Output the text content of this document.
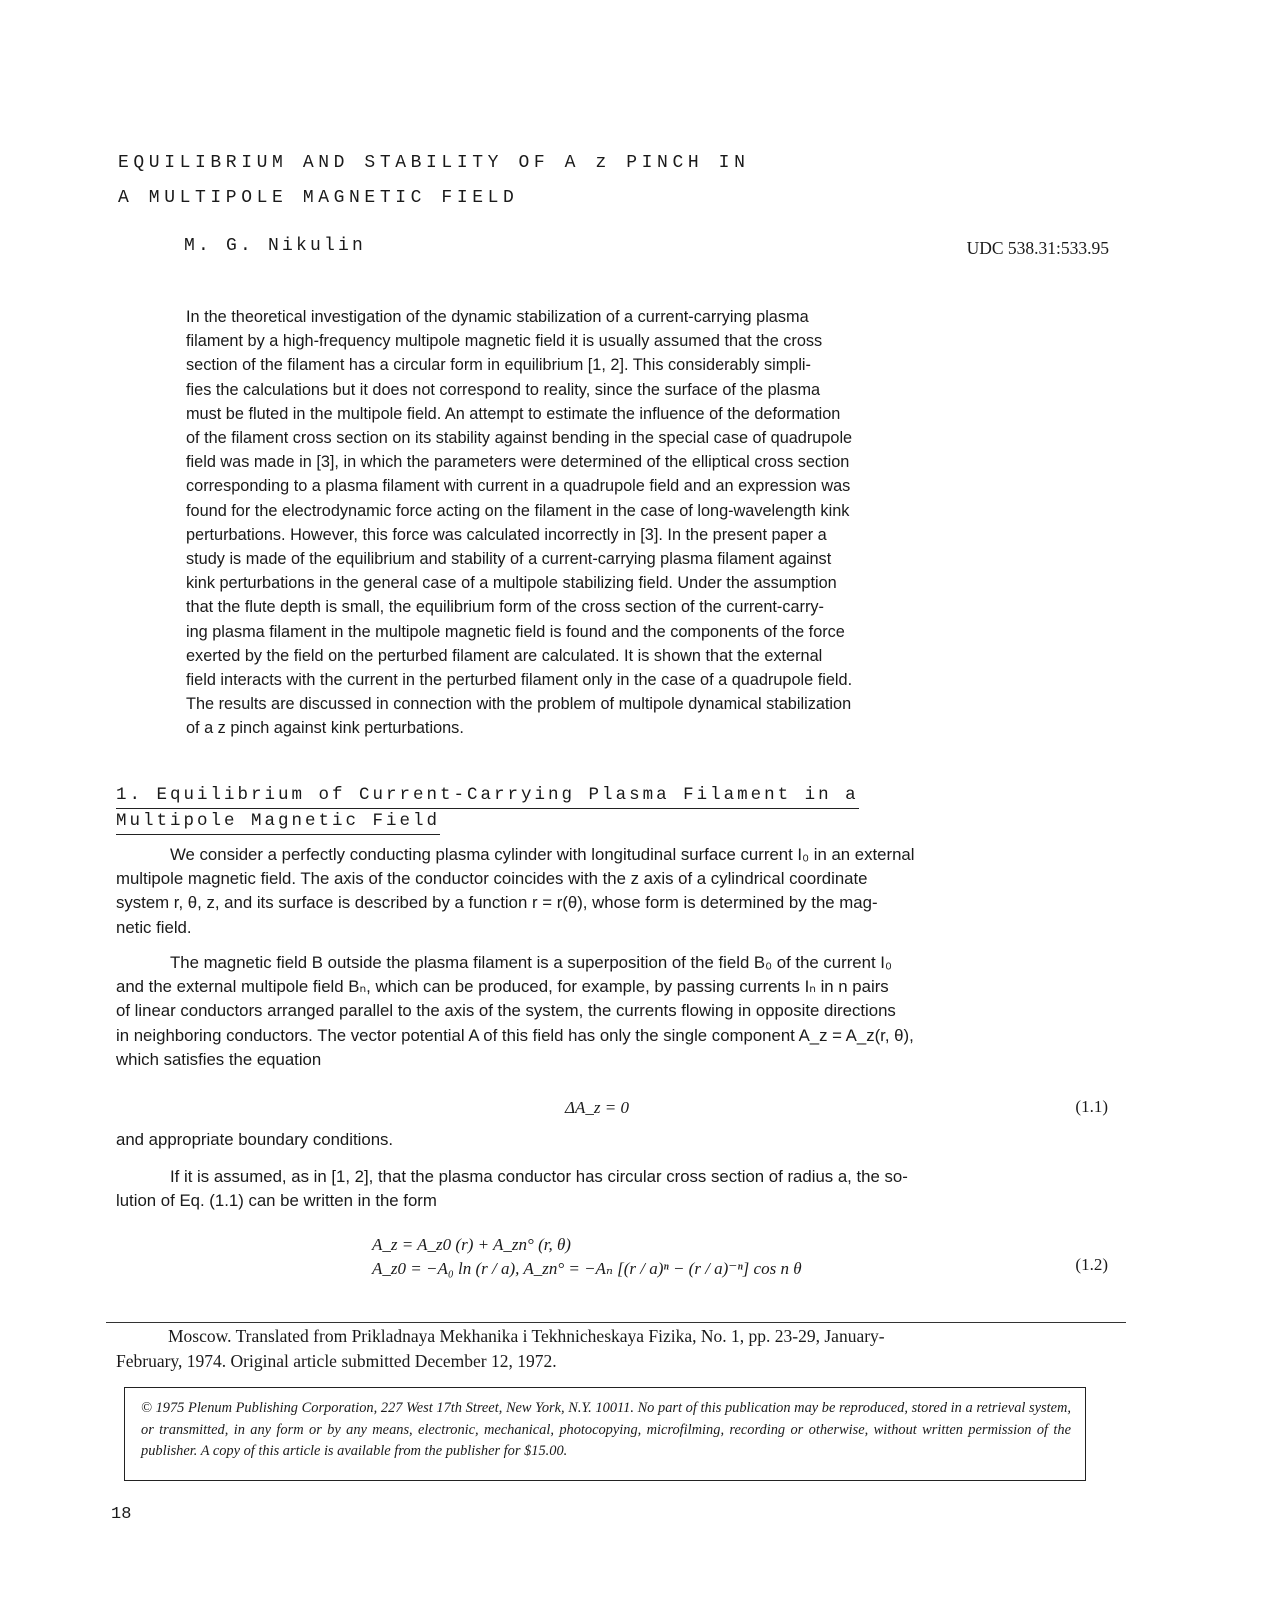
EQUILIBRIUM AND STABILITY OF A z PINCH IN
A MULTIPOLE MAGNETIC FIELD
M. G. Nikulin	UDC 538.31:533.95
In the theoretical investigation of the dynamic stabilization of a current-carrying plasma
filament by a high-frequency multipole magnetic field it is usually assumed that the cross
section of the filament has a circular form in equilibrium [1, 2]. This considerably simpli-
fies the calculations but it does not correspond to reality, since the surface of the plasma
must be fluted in the multipole field. An attempt to estimate the influence of the deformation
of the filament cross section on its stability against bending in the special case of quadrupole
field was made in [3], in which the parameters were determined of the elliptical cross section
corresponding to a plasma filament with current in a quadrupole field and an expression was
found for the electrodynamic force acting on the filament in the case of long-wavelength kink
perturbations. However, this force was calculated incorrectly in [3]. In the present paper a
study is made of the equilibrium and stability of a current-carrying plasma filament against
kink perturbations in the general case of a multipole stabilizing field. Under the assumption
that the flute depth is small, the equilibrium form of the cross section of the current-carry-
ing plasma filament in the multipole magnetic field is found and the components of the force
exerted by the field on the perturbed filament are calculated. It is shown that the external
field interacts with the current in the perturbed filament only in the case of a quadrupole field.
The results are discussed in connection with the problem of multipole dynamical stabilization
of a z pinch against kink perturbations.
1. Equilibrium of Current-Carrying Plasma Filament in a
Multipole Magnetic Field
We consider a perfectly conducting plasma cylinder with longitudinal surface current I₀ in an external
multipole magnetic field. The axis of the conductor coincides with the z axis of a cylindrical coordinate
system r, θ, z, and its surface is described by a function r = r(θ), whose form is determined by the mag-
netic field.
The magnetic field B outside the plasma filament is a superposition of the field B₀ of the current I₀
and the external multipole field Bₙ, which can be produced, for example, by passing currents Iₙ in n pairs
of linear conductors arranged parallel to the axis of the system, the currents flowing in opposite directions
in neighboring conductors. The vector potential A of this field has only the single component A_z = A_z(r, θ),
which satisfies the equation
ΔA_z = 0	(1.1)
and appropriate boundary conditions.
If it is assumed, as in [1, 2], that the plasma conductor has circular cross section of radius a, the so-
lution of Eq. (1.1) can be written in the form
A_z = A_z0 (r) + A_zn° (r, θ)
A_z0 = −A₀ ln (r / a), A_zn° = −Aₙ [(r / a)ⁿ − (r / a)⁻ⁿ] cos n θ	(1.2)
Moscow. Translated from Prikladnaya Mekhanika i Tekhnicheskaya Fizika, No. 1, pp. 23-29, January-
February, 1974. Original article submitted December 12, 1972.
© 1975 Plenum Publishing Corporation, 227 West 17th Street, New York, N.Y. 10011. No part of this publication may be reproduced, stored in a retrieval system, or transmitted, in any form or by any means, electronic, mechanical, photocopying, microfilming, recording or otherwise, without written permission of the publisher. A copy of this article is available from the publisher for $15.00.
18
